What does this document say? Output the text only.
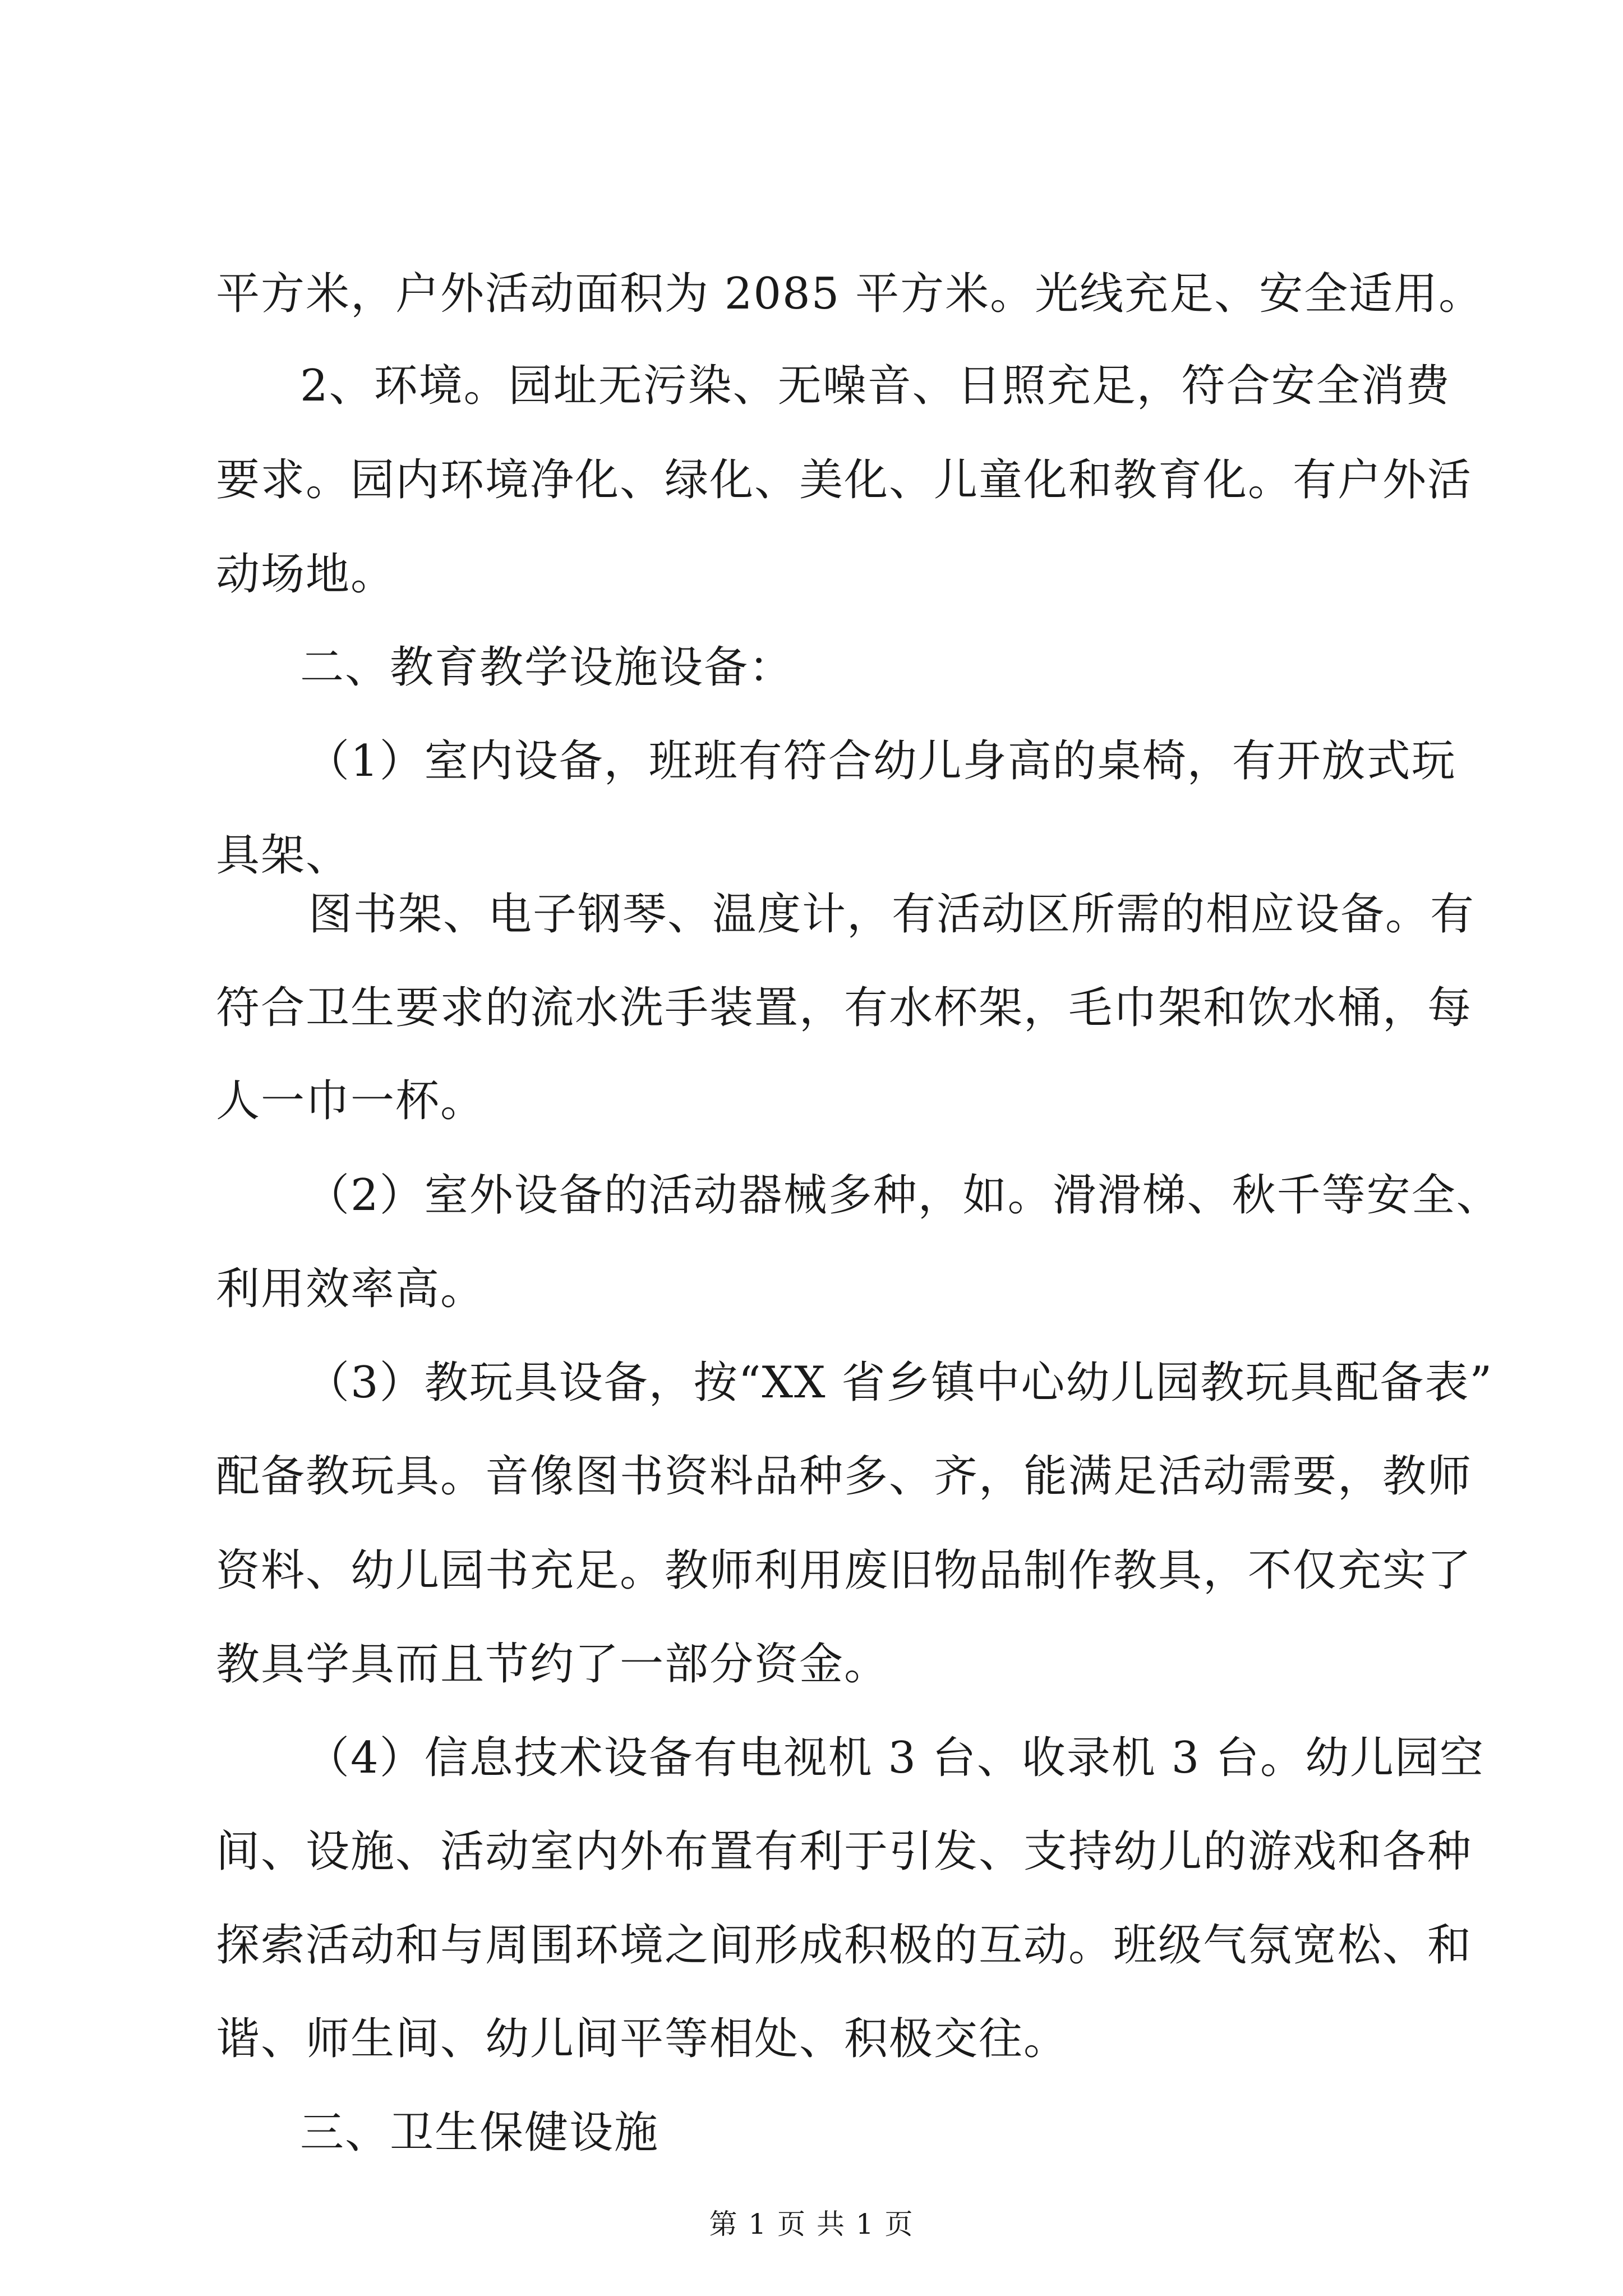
平方米，户外活动面积为 2085 平方米。光线充足、安全适用。
2、环境。园址无污染、无噪音、日照充足，符合安全消费
要求。园内环境净化、绿化、美化、儿童化和教育化。有户外活
动场地。
二、教育教学设施设备：
（1）室内设备，班班有符合幼儿身高的桌椅，有开放式玩
具架、
图书架、电子钢琴、温度计，有活动区所需的相应设备。有
符合卫生要求的流水洗手装置，有水杯架，毛巾架和饮水桶，每
人一巾一杯。
（2）室外设备的活动器械多种，如。滑滑梯、秋千等安全、
利用效率高。
（3）教玩具设备，按“XX 省乡镇中心幼儿园教玩具配备表”
配备教玩具。音像图书资料品种多、齐，能满足活动需要，教师
资料、幼儿园书充足。教师利用废旧物品制作教具，不仅充实了
教具学具而且节约了一部分资金。
（4）信息技术设备有电视机 3 台、收录机 3 台。幼儿园空
间、设施、活动室内外布置有利于引发、支持幼儿的游戏和各种
探索活动和与周围环境之间形成积极的互动。班级气氛宽松、和
谐、师生间、幼儿间平等相处、积极交往。
三、卫生保健设施
第 1 页 共 1 页
